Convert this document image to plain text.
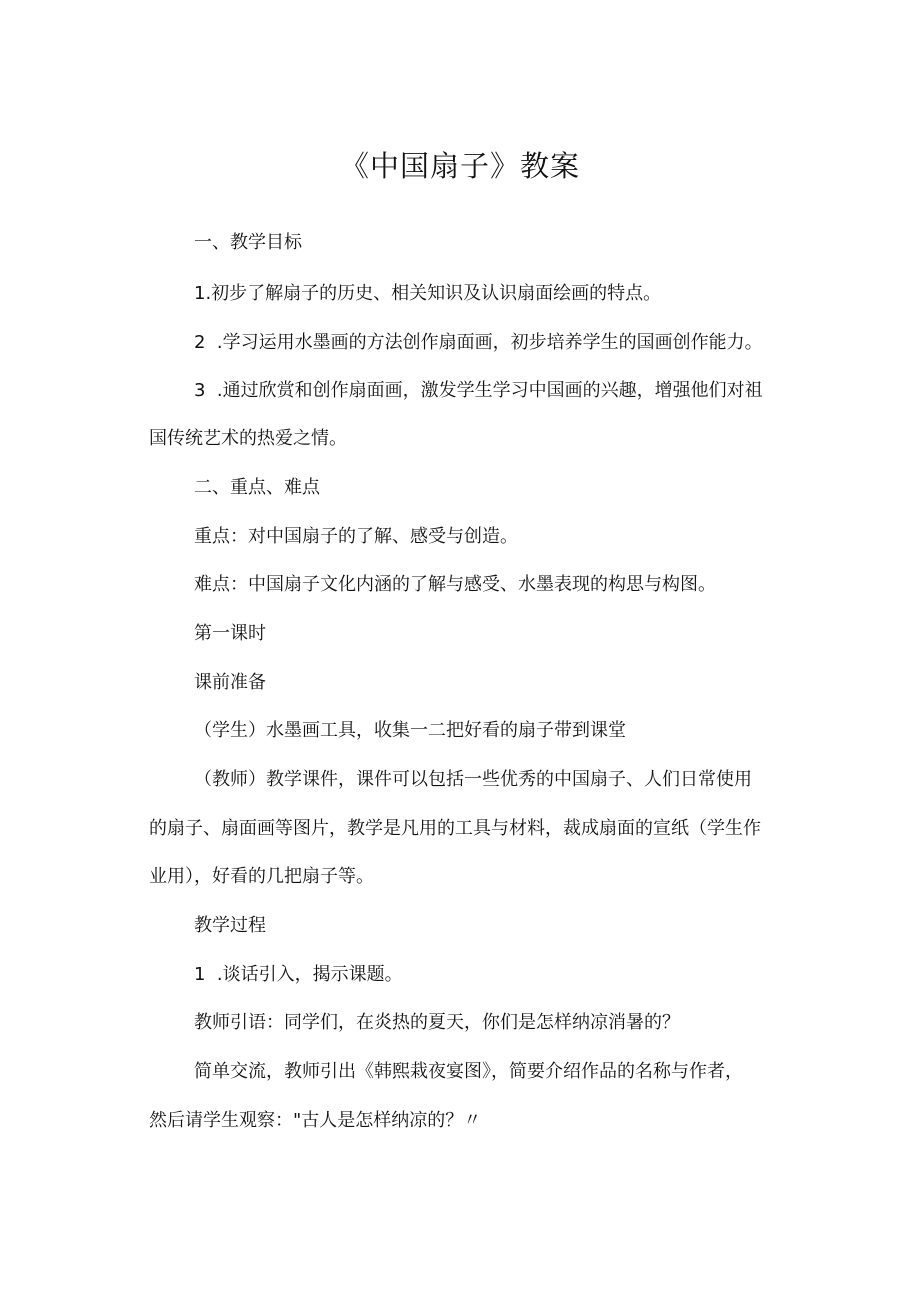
《中国扇子》教案

一、教学目标

1.初步了解扇子的历史、相关知识及认识扇面绘画的特点。

2  .学习运用水墨画的方法创作扇面画，初步培养学生的国画创作能力。

3  .通过欣赏和创作扇面画，激发学生学习中国画的兴趣，增强他们对祖

国传统艺术的热爱之情。

二、重点、难点

重点：对中国扇子的了解、感受与创造。

难点：中国扇子文化内涵的了解与感受、水墨表现的构思与构图。

第一课时

课前准备

（学生）水墨画工具，收集一二把好看的扇子带到课堂

（教师）教学课件，课件可以包括一些优秀的中国扇子、人们日常使用

的扇子、扇面画等图片，教学是凡用的工具与材料，裁成扇面的宣纸（学生作

业用），好看的几把扇子等。

教学过程

1  .谈话引入，揭示课题。

教师引语：同学们，在炎热的夏天，你们是怎样纳凉消暑的？

简单交流，教师引出《韩熙栽夜宴图》，简要介绍作品的名称与作者，

然后请学生观察："古人是怎样纳凉的？〃
